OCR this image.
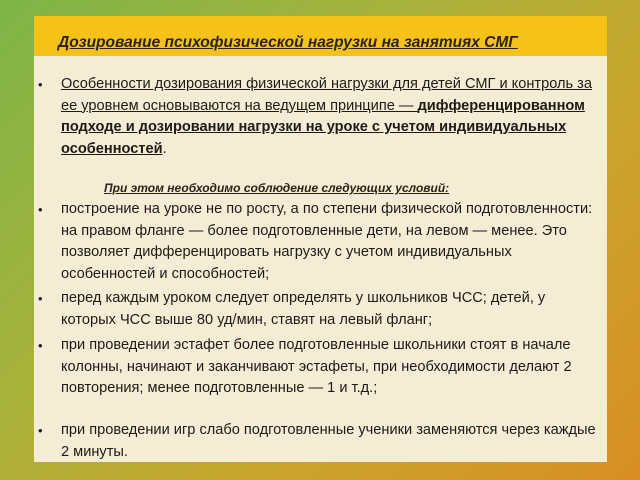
Дозирование психофизической нагрузки на занятиях СМГ
• Особенности дозирования физической нагрузки для детей СМГ и контроль за ее уровнем основываются на ведущем принципе — дифференцированном подходе и дозировании нагрузки на уроке с учетом индивидуальных особенностей.
При этом необходимо соблюдение следующих условий:
• построение на уроке не по росту, а по степени физической подготовленности: на правом фланге — более подготовленные дети, на левом — менее. Это позволяет дифференцировать нагрузку с учетом индивидуальных особенностей и способностей;
• перед каждым уроком следует определять у школьников ЧСС; детей, у которых ЧСС выше 80 уд/мин, ставят на левый фланг;
• при проведении эстафет более подготовленные школьники стоят в начале колонны, начинают и заканчивают эстафеты, при необходимости делают 2 повторения; менее подготовленные — 1 и т.д.;
• при проведении игр слабо подготовленные ученики заменяются через каждые 2 минуты.
